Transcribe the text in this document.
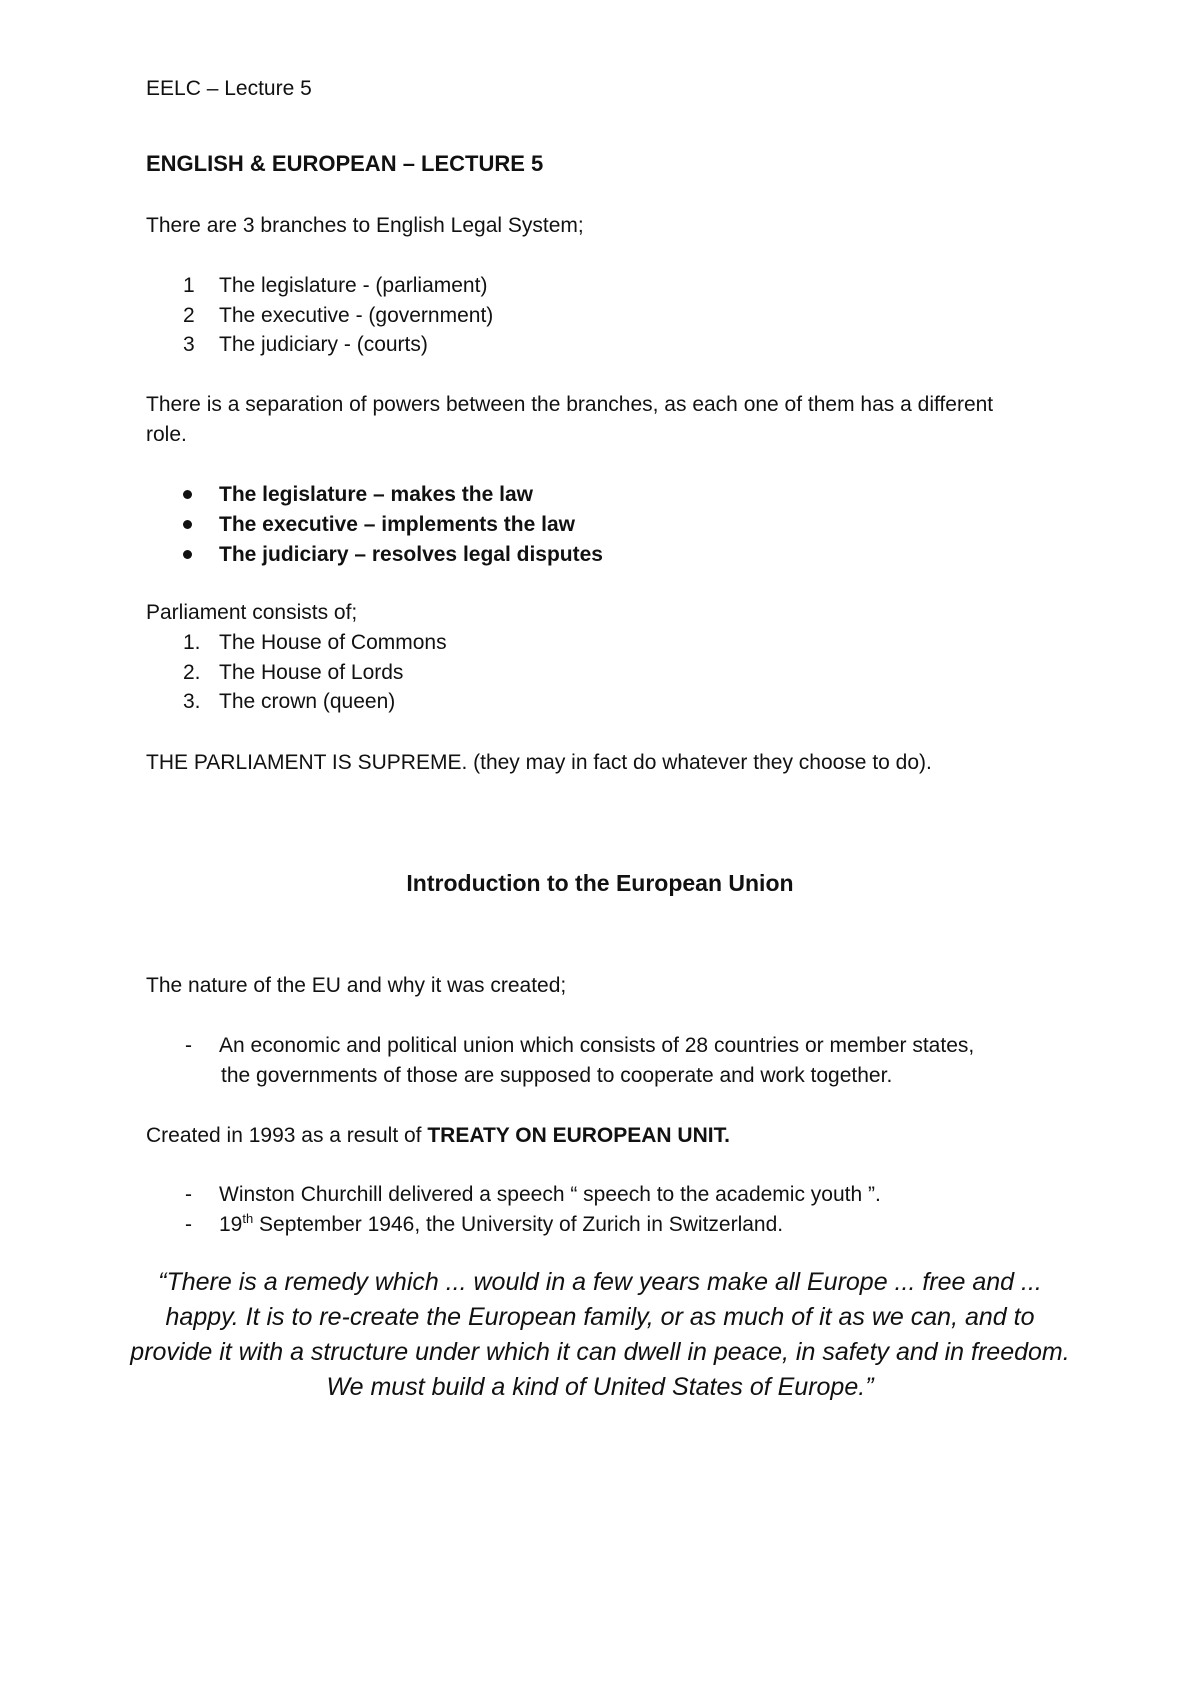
EELC – Lecture 5
ENGLISH & EUROPEAN – LECTURE 5
There are 3 branches to English Legal System;
1	The legislature - (parliament)
2	The executive - (government)
3	The judiciary - (courts)
There is a separation of powers between the branches, as each one of them has a different
role.
The legislature – makes the law
The executive – implements the law
The judiciary – resolves legal disputes
Parliament consists of;
1. The House of Commons
2. The House of Lords
3. The crown (queen)
THE PARLIAMENT IS SUPREME. (they may in fact do whatever they choose to do).
Introduction to the European Union
The nature of the EU and why it was created;
- An economic and political union which consists of 28 countries or member states,
the governments of those are supposed to cooperate and work together.
Created in 1993 as a result of TREATY ON EUROPEAN UNIT.
- Winston Churchill delivered a speech “ speech to the academic youth ”.
- 19th September 1946, the University of Zurich in Switzerland.
“There is a remedy which ... would in a few years make all Europe ... free and ... happy. It is to re-create the European family, or as much of it as we can, and to provide it with a structure under which it can dwell in peace, in safety and in freedom. We must build a kind of United States of Europe.”
